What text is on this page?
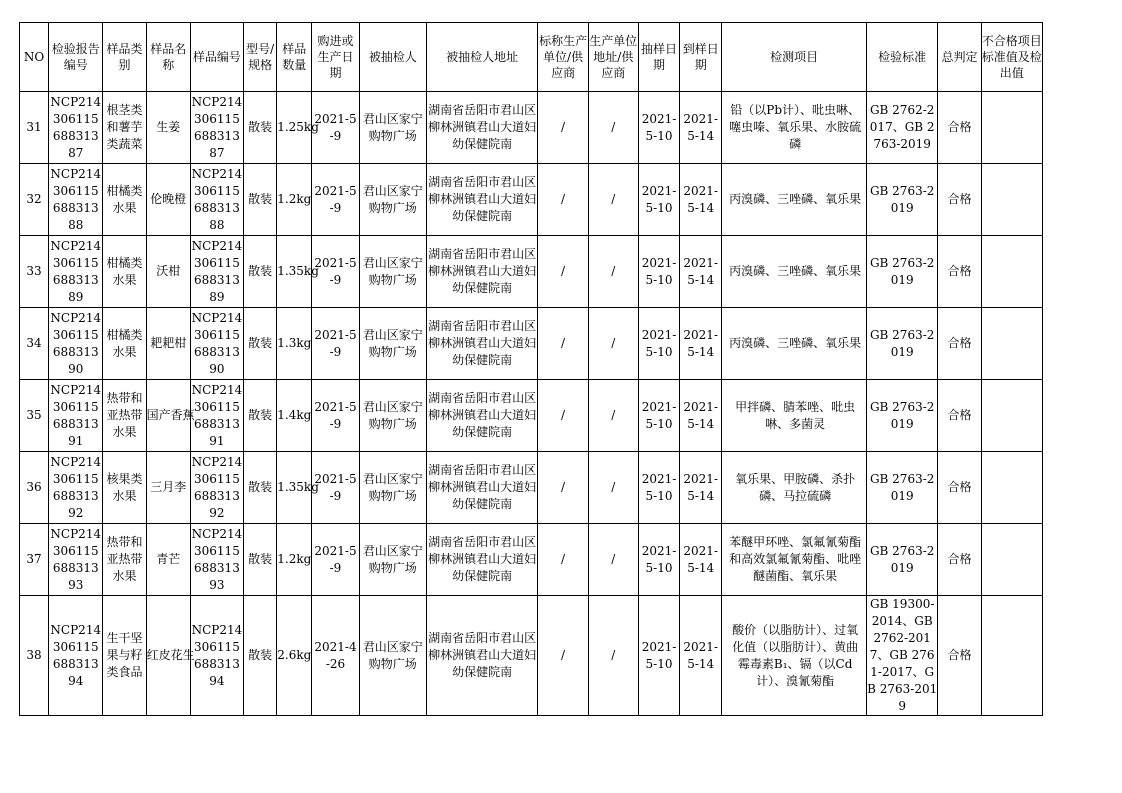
NO	检验报告编号	样品类别	样品名称	样品编号	型号/规格	样品数量	购进或生产日期	被抽检人	被抽检人地址	标称生产单位/供应商	生产单位地址/供应商	抽样日期	到样日期	检测项目	检验标准	总判定	不合格项目标准值及检出值
31	NCP21430611568831387	根茎类和薯芋类蔬菜	生姜	NCP21430611568831387	散装	1.25kg	2021-5-9	君山区家宁购物广场	湖南省岳阳市君山区柳林洲镇君山大道妇幼保健院南	/	/	2021-5-10	2021-5-14	铅（以Pb计）、吡虫啉、噻虫嗪、氧乐果、水胺硫磷	GB 2762-2017、GB 2763-2019	合格	
32	NCP21430611568831388	柑橘类水果	伦晚橙	NCP21430611568831388	散装	1.2kg	2021-5-9	君山区家宁购物广场	湖南省岳阳市君山区柳林洲镇君山大道妇幼保健院南	/	/	2021-5-10	2021-5-14	丙溴磷、三唑磷、氧乐果	GB 2763-2019	合格	
33	NCP21430611568831389	柑橘类水果	沃柑	NCP21430611568831389	散装	1.35kg	2021-5-9	君山区家宁购物广场	湖南省岳阳市君山区柳林洲镇君山大道妇幼保健院南	/	/	2021-5-10	2021-5-14	丙溴磷、三唑磷、氧乐果	GB 2763-2019	合格	
34	NCP21430611568831390	柑橘类水果	耙耙柑	NCP21430611568831390	散装	1.3kg	2021-5-9	君山区家宁购物广场	湖南省岳阳市君山区柳林洲镇君山大道妇幼保健院南	/	/	2021-5-10	2021-5-14	丙溴磷、三唑磷、氧乐果	GB 2763-2019	合格	
35	NCP21430611568831391	热带和亚热带水果	国产香蕉	NCP21430611568831391	散装	1.4kg	2021-5-9	君山区家宁购物广场	湖南省岳阳市君山区柳林洲镇君山大道妇幼保健院南	/	/	2021-5-10	2021-5-14	甲拌磷、腈苯唑、吡虫啉、多菌灵	GB 2763-2019	合格	
36	NCP21430611568831392	核果类水果	三月李	NCP21430611568831392	散装	1.35kg	2021-5-9	君山区家宁购物广场	湖南省岳阳市君山区柳林洲镇君山大道妇幼保健院南	/	/	2021-5-10	2021-5-14	氧乐果、甲胺磷、杀扑磷、马拉硫磷	GB 2763-2019	合格	
37	NCP21430611568831393	热带和亚热带水果	青芒	NCP21430611568831393	散装	1.2kg	2021-5-9	君山区家宁购物广场	湖南省岳阳市君山区柳林洲镇君山大道妇幼保健院南	/	/	2021-5-10	2021-5-14	苯醚甲环唑、氯氟氰菊酯和高效氯氟氰菊酯、吡唑醚菌酯、氧乐果	GB 2763-2019	合格	
38	NCP21430611568831394	生干坚果与籽类食品	红皮花生	NCP21430611568831394	散装	2.6kg	2021-4-26	君山区家宁购物广场	湖南省岳阳市君山区柳林洲镇君山大道妇幼保健院南	/	/	2021-5-10	2021-5-14	酸价（以脂肪计）、过氧化值（以脂肪计）、黄曲霉毒素B₁、镉（以Cd计）、溴氰菊酯	GB 19300-2014、GB 2762-2017、GB 2761-2017、GB 2763-2019	合格	
